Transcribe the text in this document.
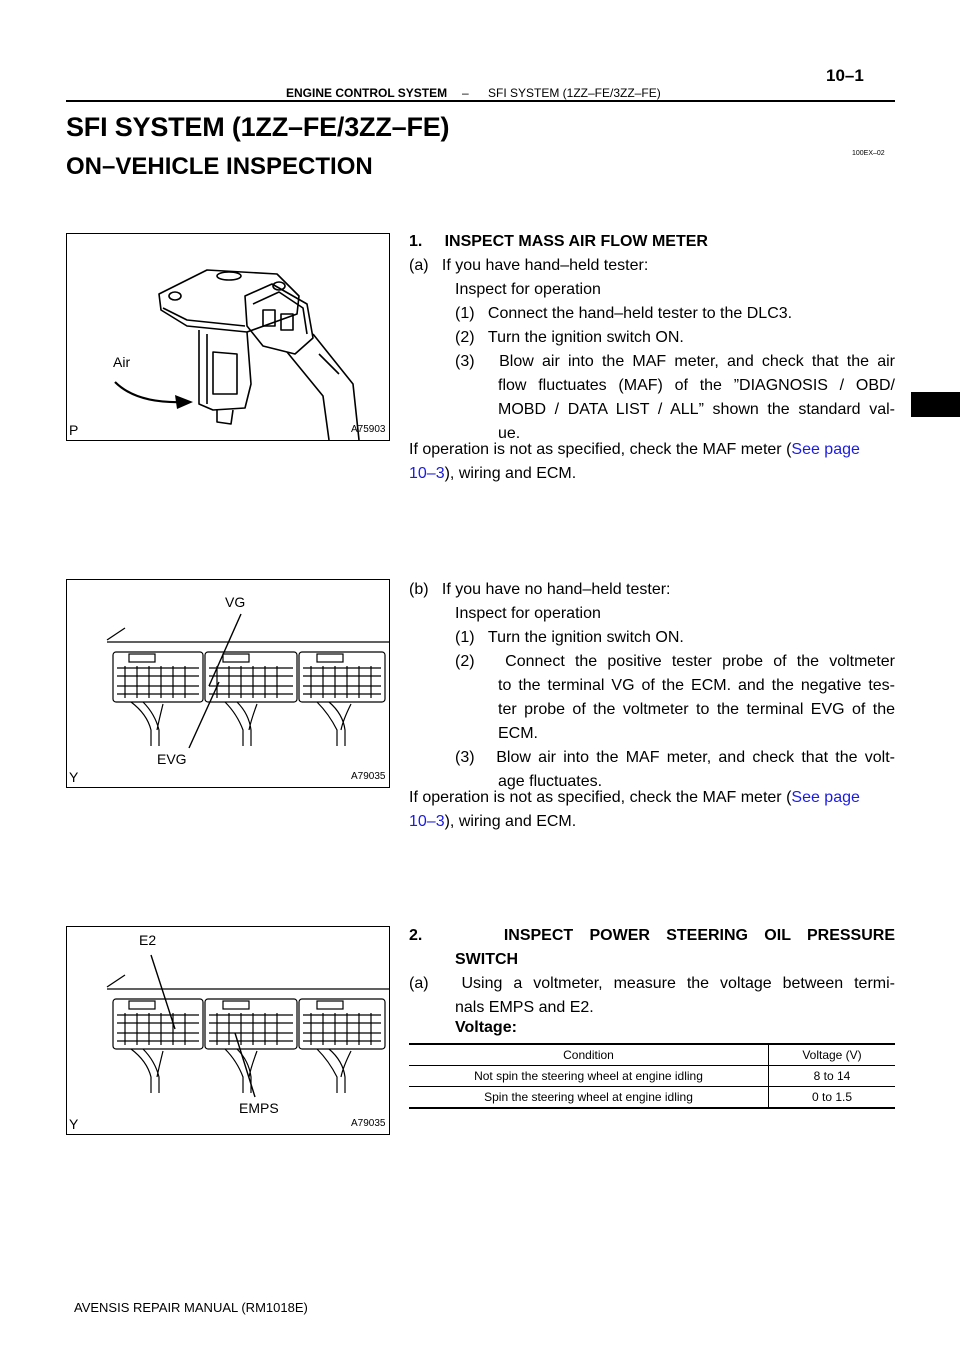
10–1
ENGINE CONTROL SYSTEM – SFI SYSTEM (1ZZ–FE/3ZZ–FE)
SFI SYSTEM (1ZZ–FE/3ZZ–FE)
ON–VEHICLE INSPECTION	100EX–02
Air
P	A75903
VG
EVG
Y	A79035
E2
EMPS
Y	A79035
1.     INSPECT MASS AIR FLOW METER
(a)   If you have hand–held tester:
Inspect for operation
(1)   Connect the hand–held tester to the DLC3.
(2)   Turn the ignition switch ON.
(3)   Blow air into the MAF meter, and check that the air
flow fluctuates (MAF) of the ”DIAGNOSIS / OBD/
MOBD / DATA LIST / ALL” shown the standard val-
ue.
If operation is not as specified, check the MAF meter (See page
10–3), wiring and ECM.
(b)   If you have no hand–held tester:
Inspect for operation
(1)   Turn the ignition switch ON.
(2)   Connect the positive tester probe of the voltmeter
to the terminal VG of the ECM. and the negative tes-
ter probe of the voltmeter to the terminal EVG of the
ECM.
(3)   Blow air into the MAF meter, and check that the volt-
age fluctuates.
If operation is not as specified, check the MAF meter (See page
10–3), wiring and ECM.
2.     INSPECT POWER STEERING OIL PRESSURE
SWITCH
(a)   Using a voltmeter, measure the voltage between termi-
nals EMPS and E2.
Voltage:
Condition	Voltage (V)
Not spin the steering wheel at engine idling	8 to 14
Spin the steering wheel at engine idling	0 to 1.5
AVENSIS REPAIR MANUAL (RM1018E)
